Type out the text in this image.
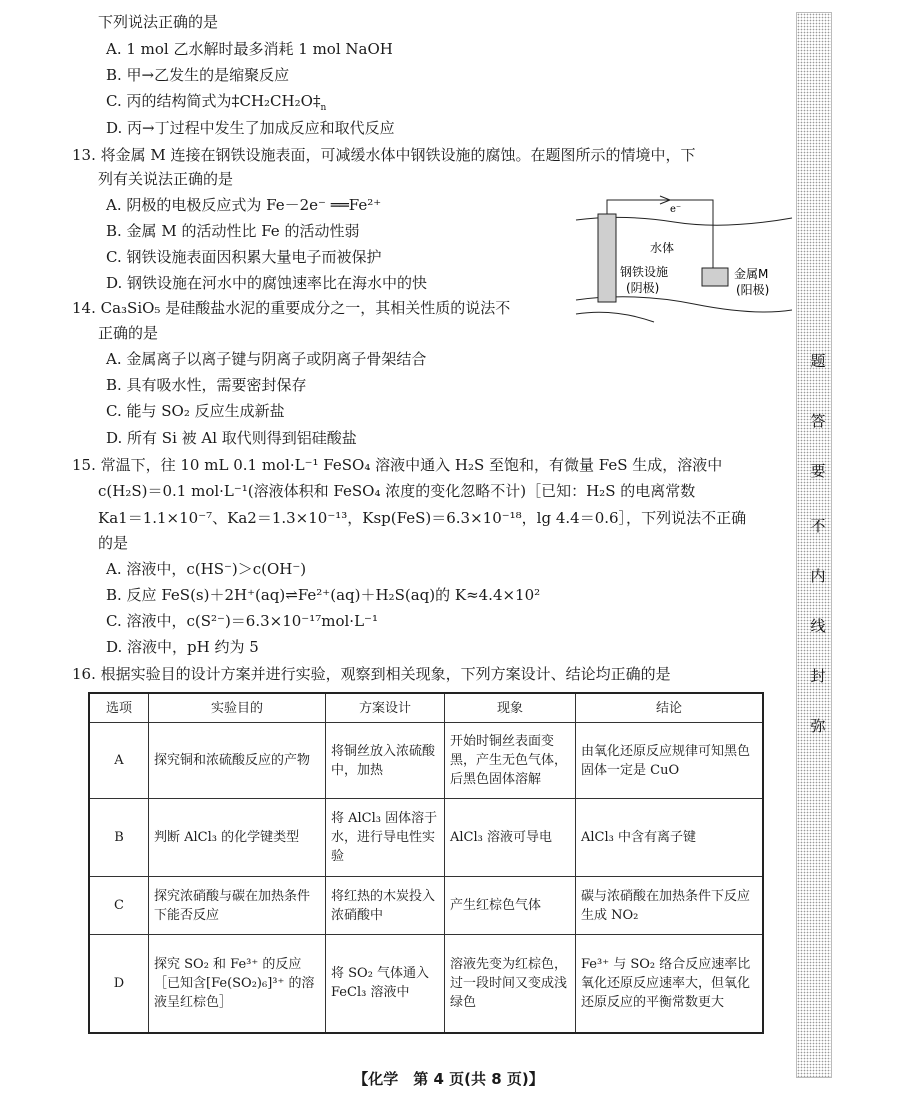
下列说法正确的是
A. 1 mol 乙水解时最多消耗 1 mol NaOH
B. 甲→乙发生的是缩聚反应
C. 丙的结构简式为$\ddagger CH_2CH_2O\ddagger_n$
D. 丙→丁过程中发生了加成反应和取代反应
13. 将金属 M 连接在钢铁设施表面，可减缓水体中钢铁设施的腐蚀。在题图所示的情境中，下
列有关说法正确的是
A. 阴极的电极反应式为 Fe－2e⁻ ══Fe²⁺
B. 金属 M 的活动性比 Fe 的活动性弱
C. 钢铁设施表面因积累大量电子而被保护
D. 钢铁设施在河水中的腐蚀速率比在海水中的快
e⁻
水体
钢铁设施
(阴极)
金属M
(阳极)
14. Ca₃SiO₅ 是硅酸盐水泥的重要成分之一，其相关性质的说法不
正确的是
A. 金属离子以离子键与阴离子或阴离子骨架结合
B. 具有吸水性，需要密封保存
C. 能与 SO₂ 反应生成新盐
D. 所有 Si 被 Al 取代则得到铝硅酸盐
15. 常温下，往 10 mL 0.1 mol·L⁻¹ FeSO₄ 溶液中通入 H₂S 至饱和，有微量 FeS 生成，溶液中
c(H₂S)＝0.1 mol·L⁻¹(溶液体积和 FeSO₄ 浓度的变化忽略不计)［已知：H₂S 的电离常数
Ka1＝1.1×10⁻⁷、Ka2＝1.3×10⁻¹³，Ksp(FeS)＝6.3×10⁻¹⁸，lg 4.4＝0.6］，下列说法不正确
的是
A. 溶液中，c(HS⁻)＞c(OH⁻)
B. 反应 FeS(s)＋2H⁺(aq)⇌Fe²⁺(aq)＋H₂S(aq)的 K≈4.4×10²
C. 溶液中，c(S²⁻)＝6.3×10⁻¹⁷mol·L⁻¹
D. 溶液中，pH 约为 5
16. 根据实验目的设计方案并进行实验，观察到相关现象，下列方案设计、结论均正确的是
选项	实验目的	方案设计	现象	结论
A	探究铜和浓硫酸反应的产物	将铜丝放入浓硫酸中，加热	开始时铜丝表面变黑，产生无色气体，后黑色固体溶解	由氧化还原反应规律可知黑色固体一定是 CuO
B	判断 AlCl₃ 的化学键类型	将 AlCl₃ 固体溶于水，进行导电性实验	AlCl₃ 溶液可导电	AlCl₃ 中含有离子键
C	探究浓硝酸与碳在加热条件下能否反应	将红热的木炭投入浓硝酸中	产生红棕色气体	碳与浓硝酸在加热条件下反应生成 NO₂
D	探究 SO₂ 和 Fe³⁺ 的反应［已知含[Fe(SO₂)₆]³⁺ 的溶液呈红棕色］	将 SO₂ 气体通入 FeCl₃ 溶液中	溶液先变为红棕色，过一段时间又变成浅绿色	Fe³⁺ 与 SO₂ 络合反应速率比氧化还原反应速率大，但氧化还原反应的平衡常数更大
题
答
要
不
内
线
封
弥
【化学　第 4 页(共 8 页)】
